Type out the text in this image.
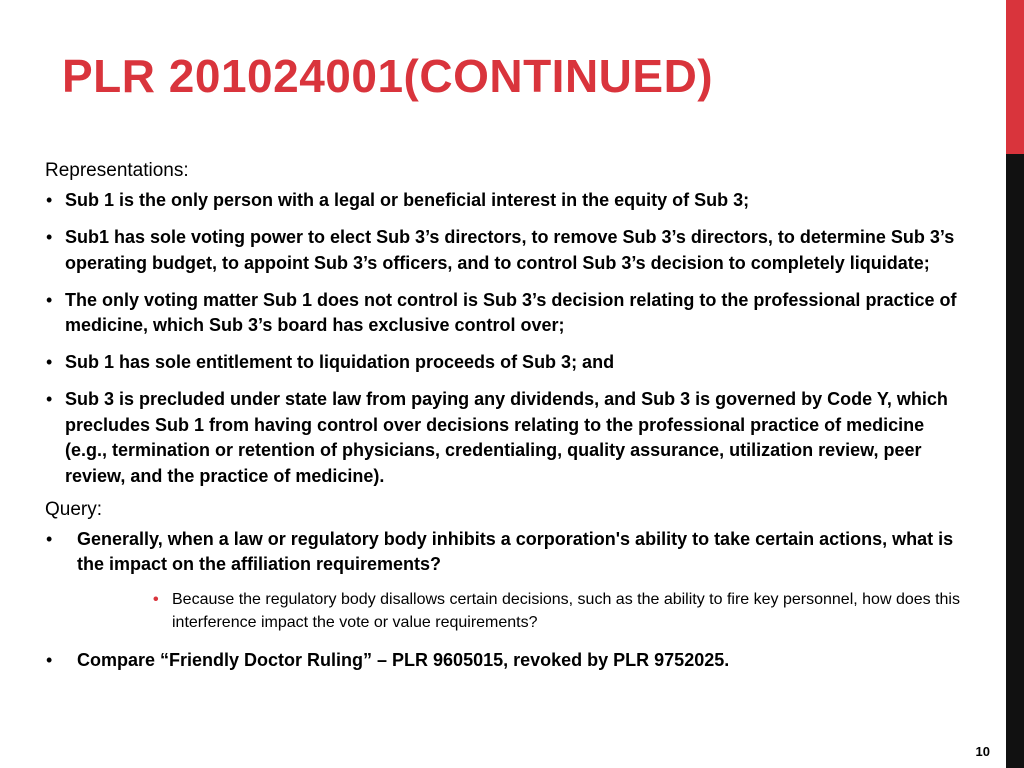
PLR 201024001(CONTINUED)
Representations:
• Sub 1 is the only person with a legal or beneficial interest in the equity of Sub 3;
• Sub1 has sole voting power to elect Sub 3’s directors, to remove Sub 3’s directors, to determine Sub 3’s operating budget, to appoint Sub 3’s officers, and to control Sub 3’s decision to completely liquidate;
• The only voting matter Sub 1 does not control is Sub 3’s decision relating to the professional practice of medicine, which Sub 3’s board has exclusive control over;
• Sub 1 has sole entitlement to liquidation proceeds of Sub 3; and
• Sub 3 is precluded under state law from paying any dividends, and Sub 3 is governed by Code Y, which precludes Sub 1 from having control over decisions relating to the professional practice of medicine (e.g., termination or retention of physicians, credentialing, quality assurance, utilization review, peer review, and the practice of medicine).
Query:
• Generally, when a law or regulatory body inhibits a corporation's ability to take certain actions, what is the impact on the affiliation requirements?
• Because the regulatory body disallows certain decisions, such as the ability to fire key personnel, how does this interference impact the vote or value requirements?
• Compare “Friendly Doctor Ruling” – PLR 9605015, revoked by PLR 9752025.
10
